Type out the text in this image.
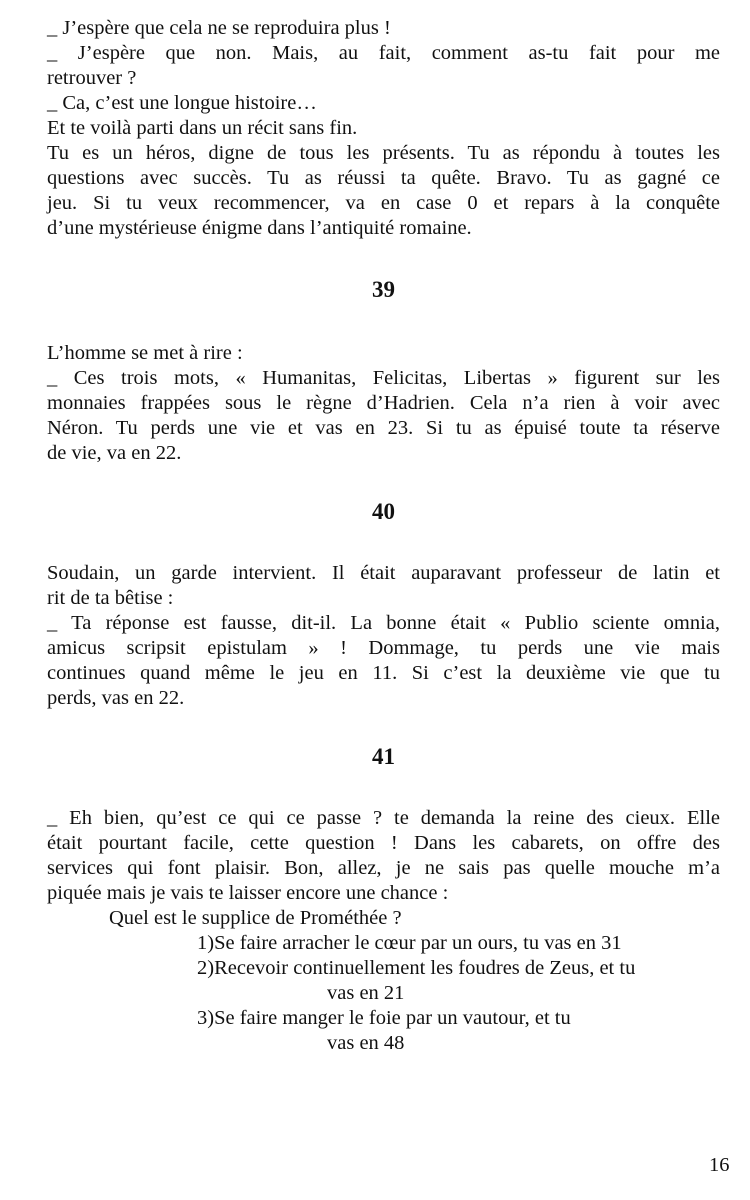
_ J’espère que cela ne se reproduira plus !
_ J’espère que non. Mais, au fait, comment as-tu fait pour me
retrouver ?
_ Ca, c’est une longue histoire…
Et te voilà parti dans un récit sans fin.
Tu es un héros, digne de tous les présents. Tu as répondu à toutes les
questions avec succès. Tu as réussi ta quête. Bravo. Tu as gagné ce
jeu. Si tu veux recommencer, va en case 0 et repars à la conquête
d’une mystérieuse énigme dans l’antiquité romaine.
39
L’homme se met à rire :
_ Ces trois mots, « Humanitas, Felicitas, Libertas » figurent sur les
monnaies frappées sous le règne d’Hadrien. Cela n’a rien à voir avec
Néron. Tu perds une vie et vas en 23. Si tu as épuisé toute ta réserve
de vie, va en 22.
40
Soudain, un garde intervient. Il était auparavant professeur de latin et
rit de ta bêtise :
_ Ta réponse est fausse, dit-il. La bonne était « Publio sciente omnia,
amicus scripsit epistulam » ! Dommage, tu perds une vie mais
continues quand même le jeu en 11. Si c’est la deuxième vie que tu
perds, vas en 22.
41
_ Eh bien, qu’est ce qui ce passe ? te demanda la reine des cieux. Elle
était pourtant facile, cette question ! Dans les cabarets, on offre des
services qui font plaisir. Bon, allez, je ne sais pas quelle mouche m’a
piquée mais je vais te laisser encore une chance :
Quel est le supplice de Prométhée ?
1)Se faire arracher le cœur par un ours, tu vas en 31
2)Recevoir continuellement les foudres de Zeus, et tu
vas en 21
3)Se faire manger le foie par un vautour, et tu
vas en 48
16
